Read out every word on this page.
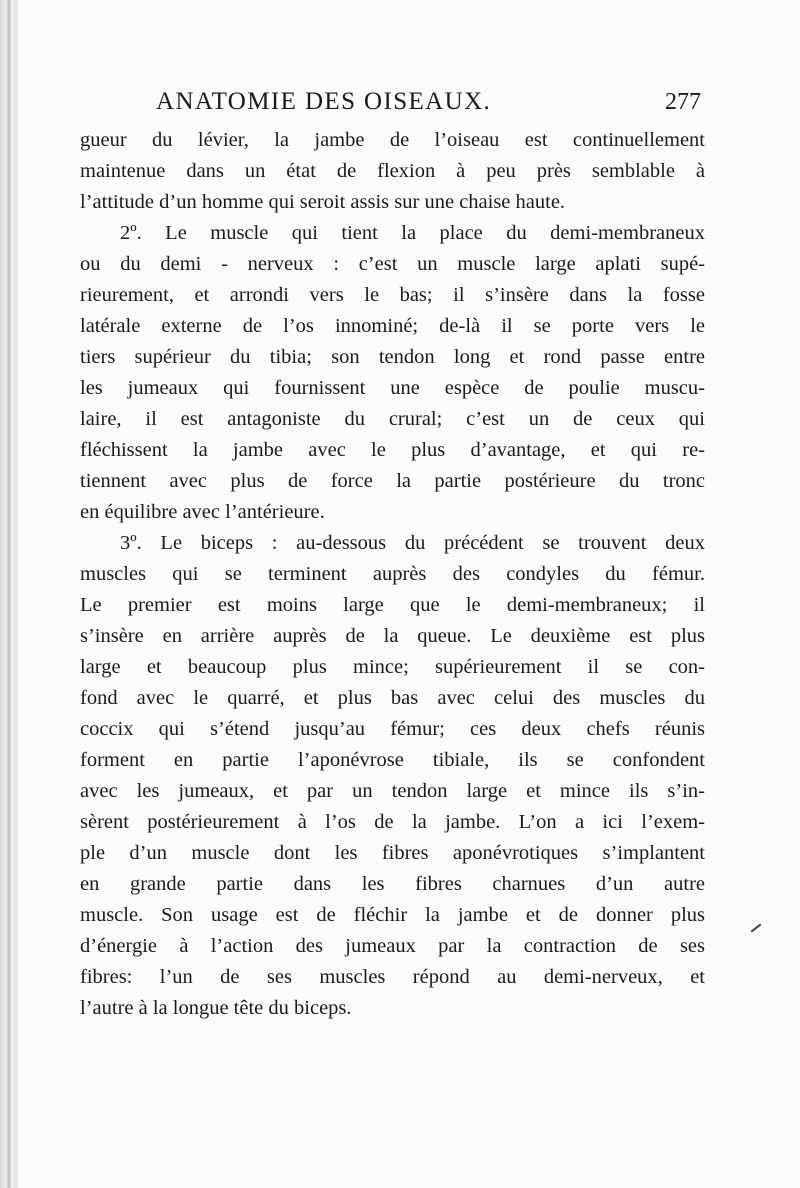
ANATOMIE DES OISEAUX.	277
gueur du lévier, la jambe de l’oiseau est continuellement
maintenue dans un état de flexion à peu près semblable à
l’attitude d’un homme qui seroit assis sur une chaise haute.
2º. Le muscle qui tient la place du demi-membraneux
ou du demi - nerveux : c’est un muscle large aplati supé-
rieurement, et arrondi vers le bas; il s’insère dans la fosse
latérale externe de l’os innominé; de-là il se porte vers le
tiers supérieur du tibia; son tendon long et rond passe entre
les jumeaux qui fournissent une espèce de poulie muscu-
laire, il est antagoniste du crural; c’est un de ceux qui
fléchissent la jambe avec le plus d’avantage, et qui re-
tiennent avec plus de force la partie postérieure du tronc
en équilibre avec l’antérieure.
3º. Le biceps : au-dessous du précédent se trouvent deux
muscles qui se terminent auprès des condyles du fémur.
Le premier est moins large que le demi-membraneux; il
s’insère en arrière auprès de la queue. Le deuxième est plus
large et beaucoup plus mince; supérieurement il se con-
fond avec le quarré, et plus bas avec celui des muscles du
coccix qui s’étend jusqu’au fémur; ces deux chefs réunis
forment en partie l’aponévrose tibiale, ils se confondent
avec les jumeaux, et par un tendon large et mince ils s’in-
sèrent postérieurement à l’os de la jambe. L’on a ici l’exem-
ple d’un muscle dont les fibres aponévrotiques s’implantent
en grande partie dans les fibres charnues d’un autre
muscle. Son usage est de fléchir la jambe et de donner plus
d’énergie à l’action des jumeaux par la contraction de ses
fibres: l’un de ses muscles répond au demi-nerveux, et
l’autre à la longue tête du biceps.
